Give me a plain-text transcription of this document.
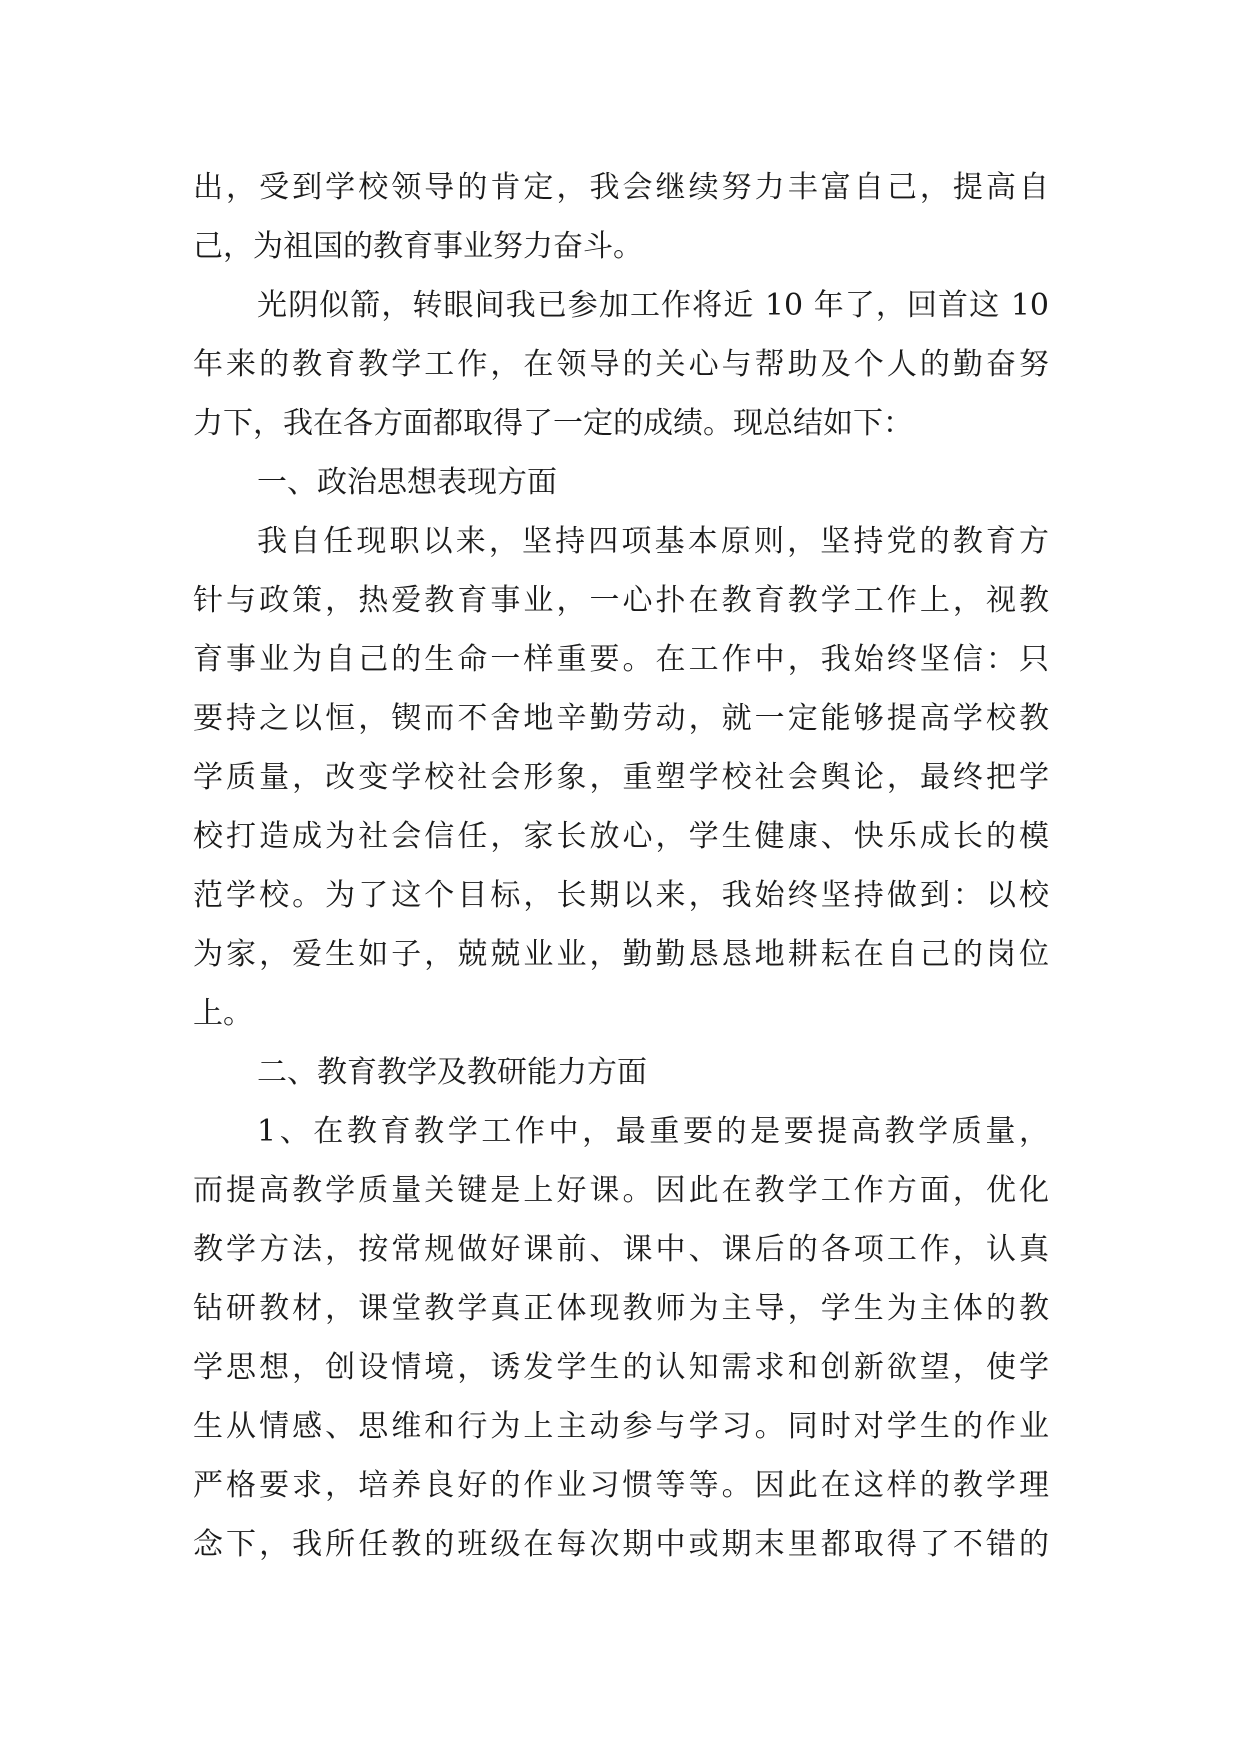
出，受到学校领导的肯定，我会继续努力丰富自己，提高自
己，为祖国的教育事业努力奋斗。
光阴似箭，转眼间我已参加工作将近 10 年了，回首这 10
年来的教育教学工作，在领导的关心与帮助及个人的勤奋努
力下，我在各方面都取得了一定的成绩。现总结如下：
一、政治思想表现方面
我自任现职以来，坚持四项基本原则，坚持党的教育方
针与政策，热爱教育事业，一心扑在教育教学工作上，视教
育事业为自己的生命一样重要。在工作中，我始终坚信：只
要持之以恒，锲而不舍地辛勤劳动，就一定能够提高学校教
学质量，改变学校社会形象，重塑学校社会舆论，最终把学
校打造成为社会信任，家长放心，学生健康、快乐成长的模
范学校。为了这个目标，长期以来，我始终坚持做到：以校
为家，爱生如子，兢兢业业，勤勤恳恳地耕耘在自己的岗位
上。
二、教育教学及教研能力方面
1、在教育教学工作中，最重要的是要提高教学质量，
而提高教学质量关键是上好课。因此在教学工作方面，优化
教学方法，按常规做好课前、课中、课后的各项工作，认真
钻研教材，课堂教学真正体现教师为主导，学生为主体的教
学思想，创设情境，诱发学生的认知需求和创新欲望，使学
生从情感、思维和行为上主动参与学习。同时对学生的作业
严格要求，培养良好的作业习惯等等。因此在这样的教学理
念下，我所任教的班级在每次期中或期末里都取得了不错的
